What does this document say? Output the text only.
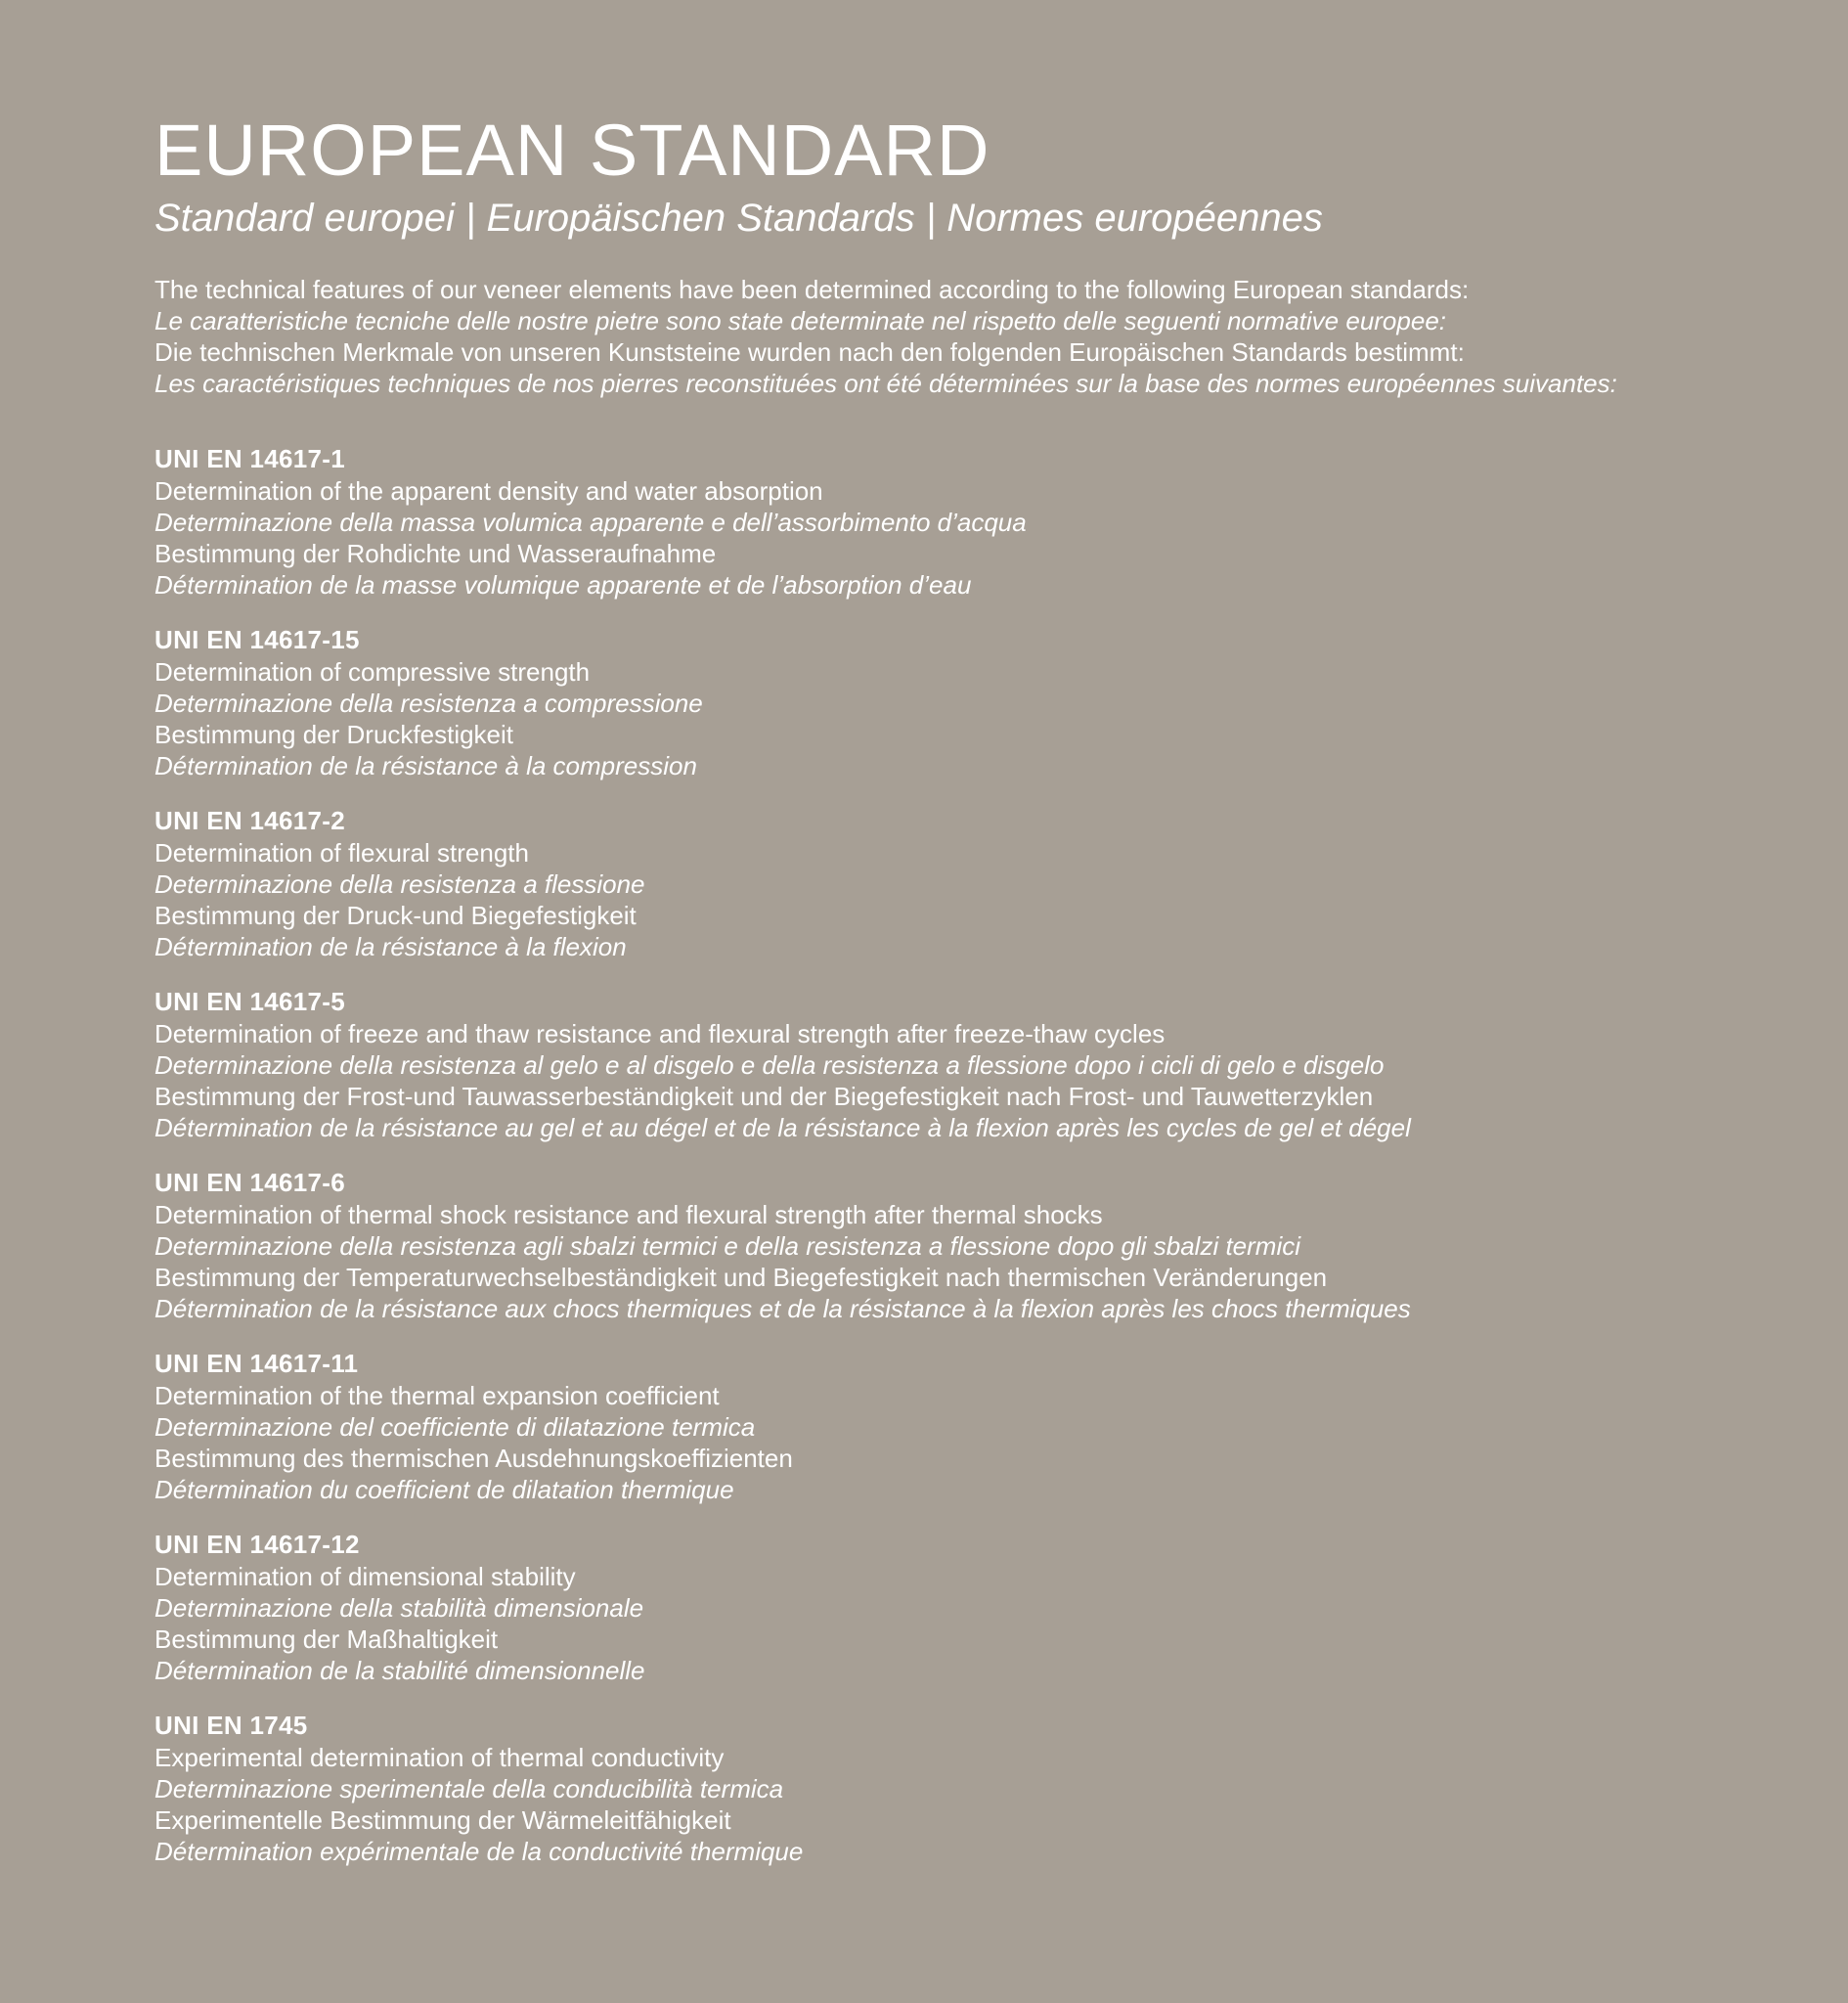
EUROPEAN STANDARD
Standard europei | Europäischen Standards | Normes européennes
The technical features of our veneer elements have been determined according to the following European standards:
Le caratteristiche tecniche delle nostre pietre sono state determinate nel rispetto delle seguenti normative europee:
Die technischen Merkmale von unseren Kunststeine wurden nach den folgenden Europäischen Standards bestimmt:
Les caractéristiques techniques de nos pierres reconstituées ont été déterminées sur la base des normes européennes suivantes:
UNI EN 14617-1
Determination of the apparent density and water absorption
Determinazione della massa volumica apparente e dell’assorbimento d’acqua
Bestimmung der Rohdichte und Wasseraufnahme
Détermination de la masse volumique apparente et de l’absorption d’eau
UNI EN 14617-15
Determination of compressive strength
Determinazione della resistenza a compressione
Bestimmung der Druckfestigkeit
Détermination de la résistance à la compression
UNI EN 14617-2
Determination of flexural strength
Determinazione della resistenza a flessione
Bestimmung der Druck-und Biegefestigkeit
Détermination de la résistance à la flexion
UNI EN 14617-5
Determination of freeze and thaw resistance and flexural strength after freeze-thaw cycles
Determinazione della resistenza al gelo e al disgelo e della resistenza a flessione dopo i cicli di gelo e disgelo
Bestimmung der Frost-und Tauwasserbeständigkeit und der Biegefestigkeit nach Frost- und Tauwetterzyklen
Détermination de la résistance au gel et au dégel et de la résistance à la flexion après les cycles de gel et dégel
UNI EN 14617-6
Determination of thermal shock resistance and flexural strength after thermal shocks
Determinazione della resistenza agli sbalzi termici e della resistenza a flessione dopo gli sbalzi termici
Bestimmung der Temperaturwechselbeständigkeit und Biegefestigkeit nach thermischen Veränderungen
Détermination de la résistance aux chocs thermiques et de la résistance à la flexion après les chocs thermiques
UNI EN 14617-11
Determination of the thermal expansion coefficient
Determinazione del coefficiente di dilatazione termica
Bestimmung des thermischen Ausdehnungskoeffizienten
Détermination du coefficient de dilatation thermique
UNI EN 14617-12
Determination of dimensional stability
Determinazione della stabilità dimensionale
Bestimmung der Maßhaltigkeit
Détermination de la stabilité dimensionnelle
UNI EN 1745
Experimental determination of thermal conductivity
Determinazione sperimentale della conducibilità termica
Experimentelle Bestimmung der Wärmeleitfähigkeit
Détermination expérimentale de la conductivité thermique
